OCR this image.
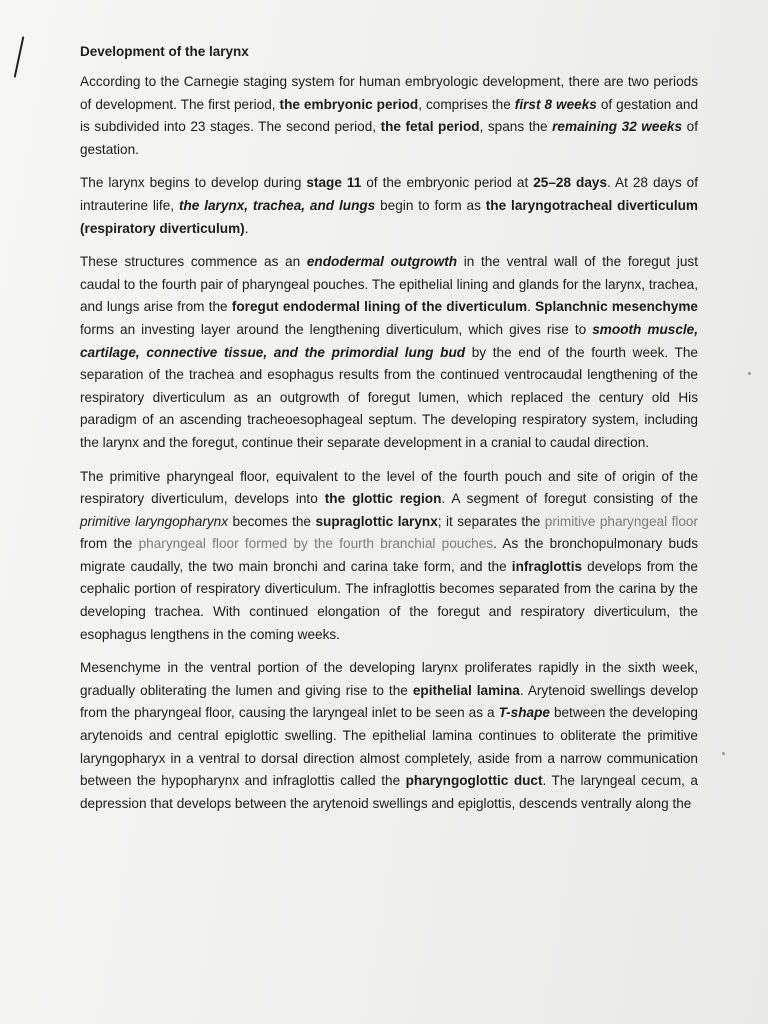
Development of the larynx

According to the Carnegie staging system for human embryologic development, there are two periods of development. The first period, the embryonic period, comprises the first 8 weeks of gestation and is subdivided into 23 stages. The second period, the fetal period, spans the remaining 32 weeks of gestation.

The larynx begins to develop during stage 11 of the embryonic period at 25–28 days. At 28 days of intrauterine life, the larynx, trachea, and lungs begin to form as the laryngotracheal diverticulum (respiratory diverticulum).

These structures commence as an endodermal outgrowth in the ventral wall of the foregut just caudal to the fourth pair of pharyngeal pouches. The epithelial lining and glands for the larynx, trachea, and lungs arise from the foregut endodermal lining of the diverticulum. Splanchnic mesenchyme forms an investing layer around the lengthening diverticulum, which gives rise to smooth muscle, cartilage, connective tissue, and the primordial lung bud by the end of the fourth week. The separation of the trachea and esophagus results from the continued ventrocaudal lengthening of the respiratory diverticulum as an outgrowth of foregut lumen, which replaced the century old His paradigm of an ascending tracheoesophageal septum. The developing respiratory system, including the larynx and the foregut, continue their separate development in a cranial to caudal direction.

The primitive pharyngeal floor, equivalent to the level of the fourth pouch and site of origin of the respiratory diverticulum, develops into the glottic region. A segment of foregut consisting of the primitive laryngopharynx becomes the supraglottic larynx; it separates the primitive pharyngeal floor from the pharyngeal floor formed by the fourth branchial pouches. As the bronchopulmonary buds migrate caudally, the two main bronchi and carina take form, and the infraglottis develops from the cephalic portion of respiratory diverticulum. The infraglottis becomes separated from the carina by the developing trachea. With continued elongation of the foregut and respiratory diverticulum, the esophagus lengthens in the coming weeks.

Mesenchyme in the ventral portion of the developing larynx proliferates rapidly in the sixth week, gradually obliterating the lumen and giving rise to the epithelial lamina. Arytenoid swellings develop from the pharyngeal floor, causing the laryngeal inlet to be seen as a T-shape between the developing arytenoids and central epiglottic swelling. The epithelial lamina continues to obliterate the primitive laryngopharyx in a ventral to dorsal direction almost completely, aside from a narrow communication between the hypopharynx and infraglottis called the pharyngoglottic duct. The laryngeal cecum, a depression that develops between the arytenoid swellings and epiglottis, descends ventrally along the
